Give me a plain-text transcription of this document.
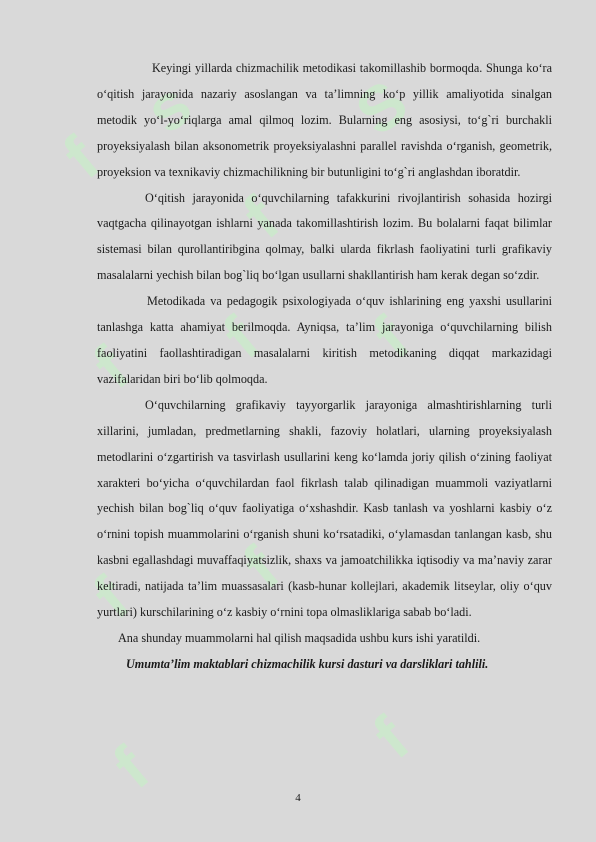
f
s
f
S
f f f
f f
f
f

Keyingi yillarda chizmachilik metodikasi takomillashib bormoqda. Shunga ko‘ra o‘qitish jarayonida nazariy asoslangan va ta’limning ko‘p yillik amaliyotida sinalgan metodik yo‘l-yo‘riqlarga amal qilmoq lozim. Bularning eng asosiysi, to‘g`ri burchakli proyeksiyalash bilan aksonometrik proyeksiyalashni parallel ravishda o‘rganish, geometrik, proyeksion va texnikaviy chizmachilikning bir butunligini to‘g`ri anglashdan iboratdir.

O‘qitish jarayonida o‘quvchilarning tafakkurini rivojlantirish sohasida hozirgi vaqtgacha qilinayotgan ishlarni yanada takomillashtirish lozim. Bu bolalarni faqat bilimlar sistemasi bilan qurollantiribgina qolmay, balki ularda fikrlash faoliyatini turli grafikaviy masalalarni yechish bilan bog`liq bo‘lgan usullarni shakllantirish ham kerak degan so‘zdir.

Metodikada va pedagogik psixologiyada o‘quv ishlarining eng yaxshi usullarini tanlashga katta ahamiyat berilmoqda. Ayniqsa, ta’lim jarayoniga o‘quvchilarning bilish faoliyatini faollashtiradigan masalalarni kiritish metodikaning diqqat markazidagi vazifalaridan biri bo‘lib qolmoqda.

O‘quvchilarning grafikaviy tayyorgarlik jarayoniga almashtirishlarning turli xillarini, jumladan, predmetlarning shakli, fazoviy holatlari, ularning proyeksiyalash metodlarini o‘zgartirish va tasvirlash usullarini keng ko‘lamda joriy qilish o‘zining faoliyat xarakteri bo‘yicha o‘quvchilardan faol fikrlash talab qilinadigan muammoli vaziyatlarni yechish bilan bog`liq o‘quv faoliyatiga o‘xshashdir. Kasb tanlash va yoshlarni kasbiy o‘z o‘rnini topish muammolarini o‘rganish shuni ko‘rsatadiki, o‘ylamasdan tanlangan kasb, shu kasbni egallashdagi muvaffaqiyatsizlik, shaxs va jamoatchilikka iqtisodiy va ma’naviy zarar keltiradi, natijada ta’lim muassasalari (kasb-hunar kollejlari, akademik litseylar, oliy o‘quv yurtlari) kurschilarining o‘z kasbiy o‘rnini topa olmasliklariga sabab bo‘ladi.

Ana shunday muammolarni hal qilish maqsadida ushbu kurs ishi yaratildi.

Umumta’lim maktablari chizmachilik kursi dasturi va darsliklari tahlili.

4
